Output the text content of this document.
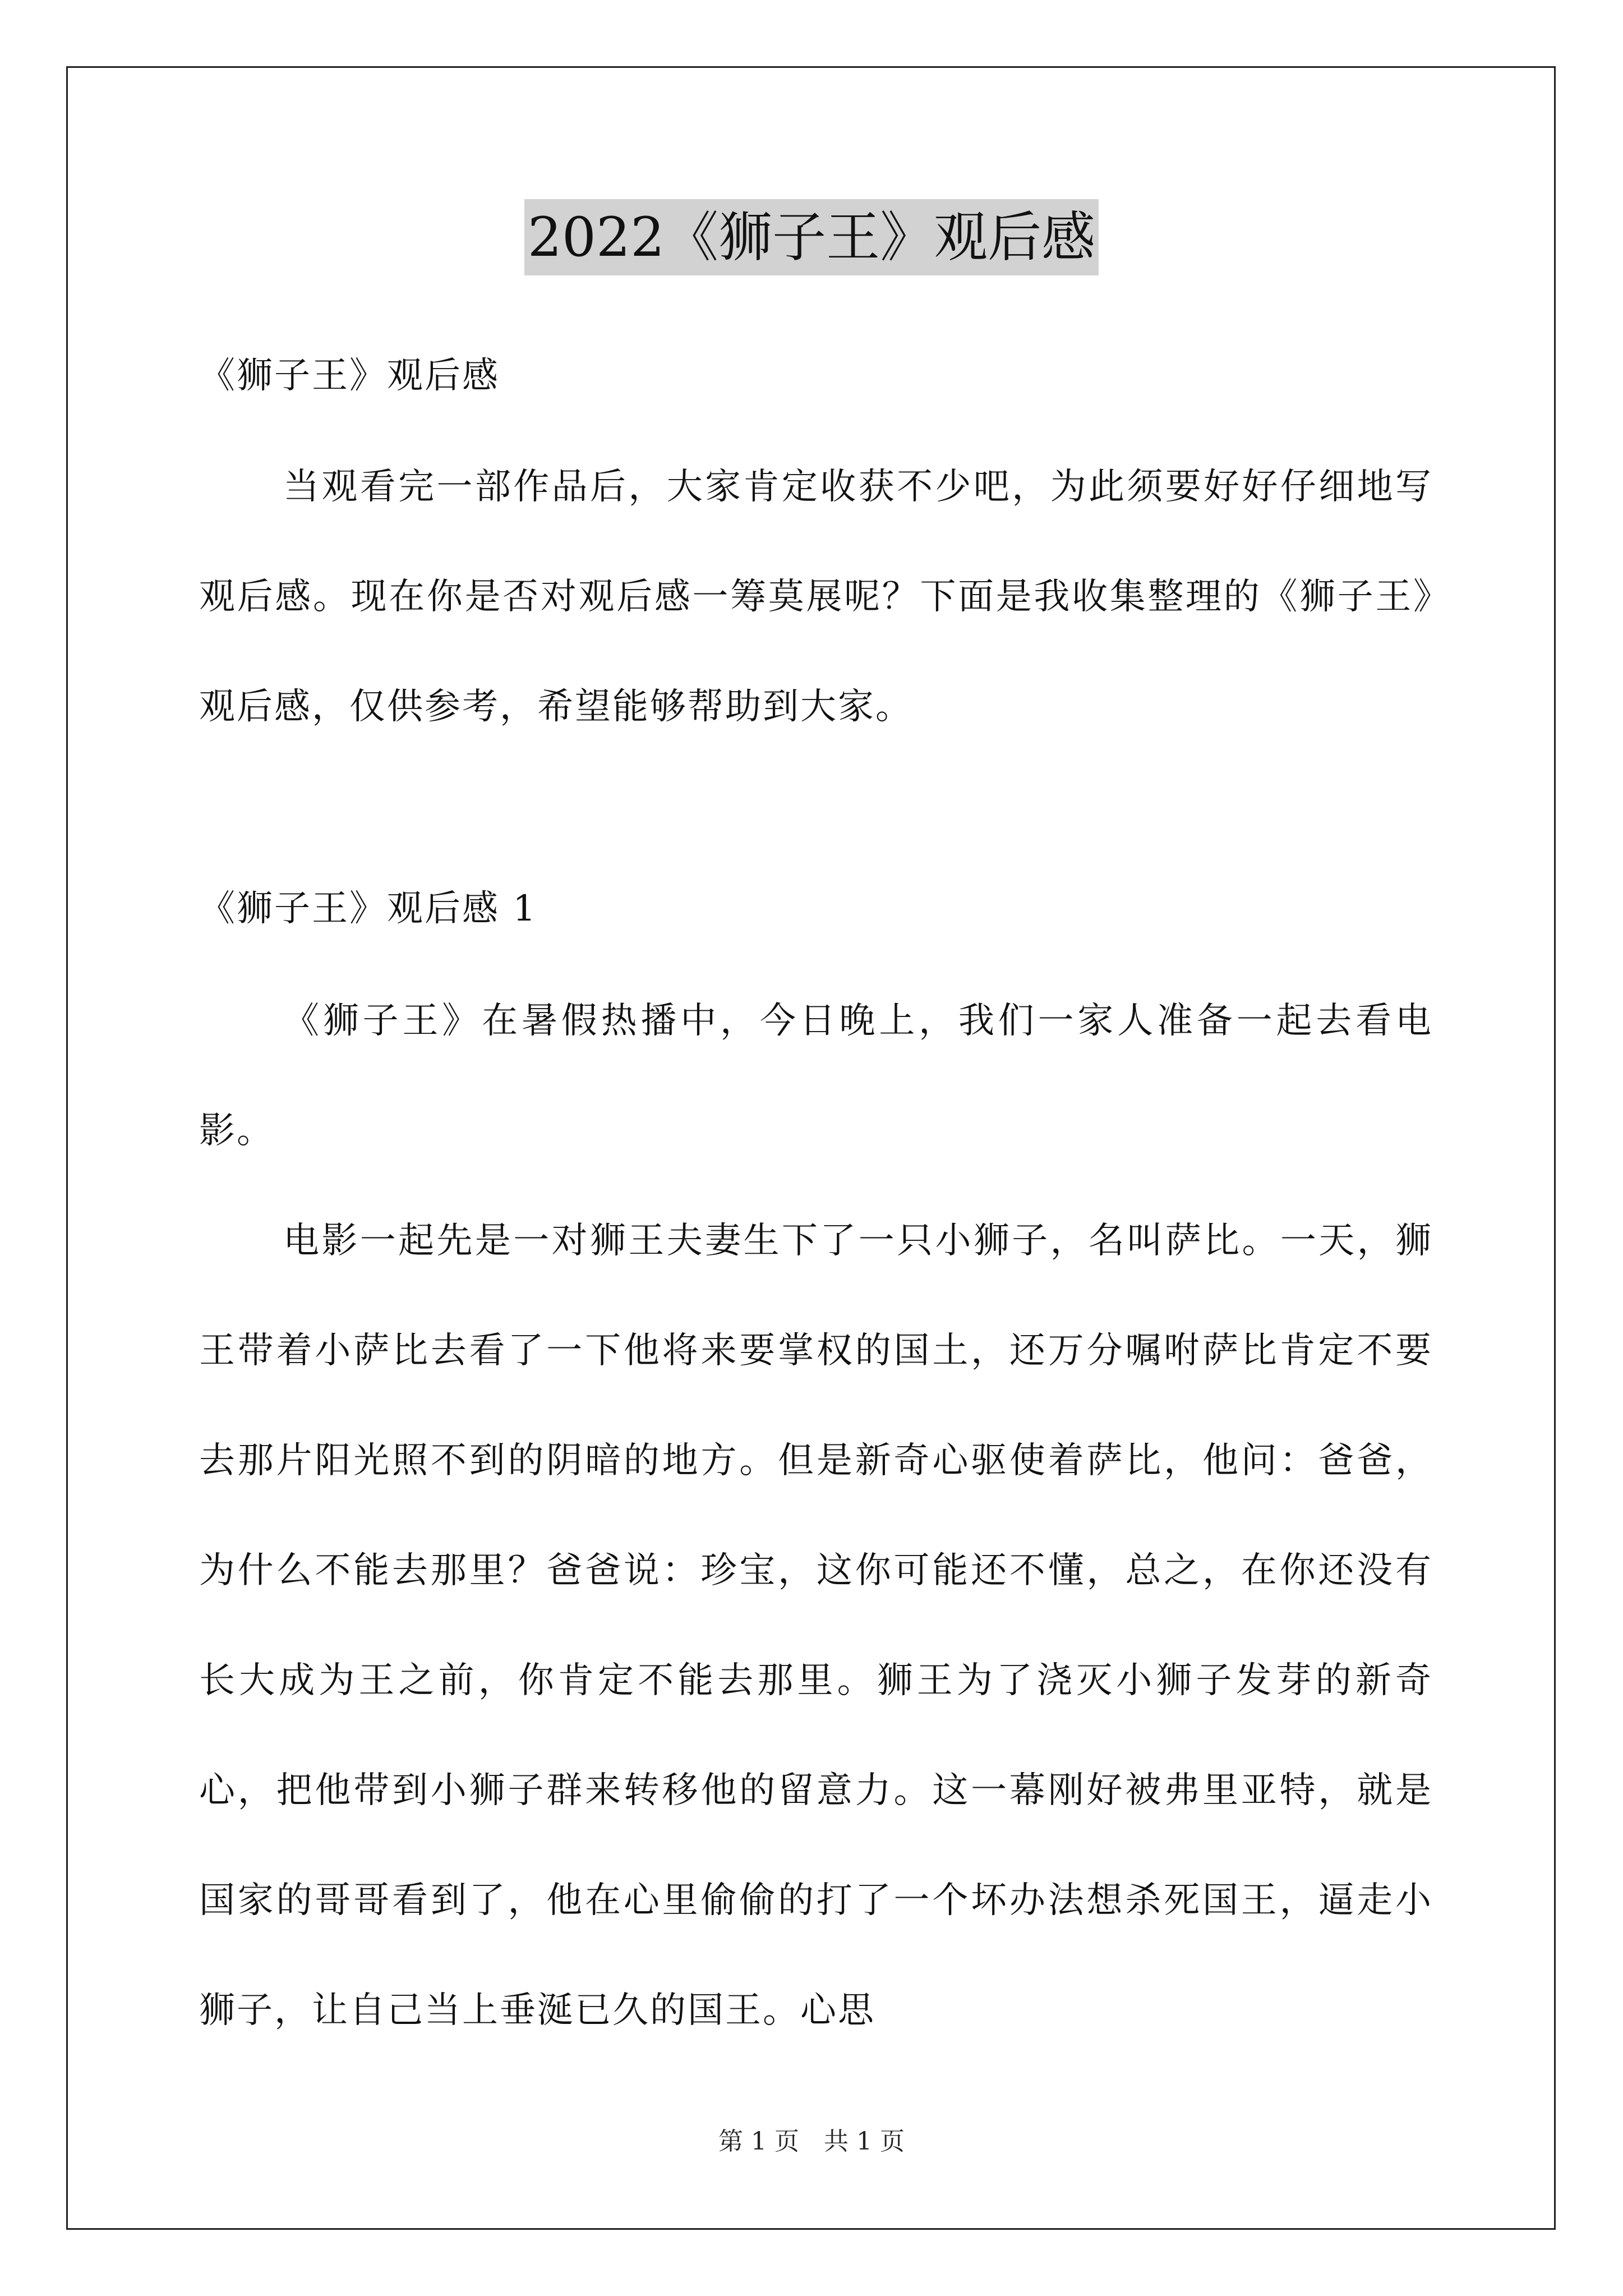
2022《狮子王》观后感
《狮子王》观后感

当观看完一部作品后，大家肯定收获不少吧，为此须要好好仔细地写观后感。现在你是否对观后感一筹莫展呢？下面是我收集整理的《狮子王》观后感，仅供参考，希望能够帮助到大家。

《狮子王》观后感 1

《狮子王》在暑假热播中，今日晚上，我们一家人准备一起去看电影。

电影一起先是一对狮王夫妻生下了一只小狮子，名叫萨比。一天，狮王带着小萨比去看了一下他将来要掌权的国土，还万分嘱咐萨比肯定不要去那片阳光照不到的阴暗的地方。但是新奇心驱使着萨比，他问：爸爸，为什么不能去那里？爸爸说：珍宝，这你可能还不懂，总之，在你还没有长大成为王之前，你肯定不能去那里。狮王为了浇灭小狮子发芽的新奇心，把他带到小狮子群来转移他的留意力。这一幕刚好被弗里亚特，就是国家的哥哥看到了，他在心里偷偷的打了一个坏办法想杀死国王，逼走小狮子，让自己当上垂涎已久的国王。心思

第 1 页　共 1 页
